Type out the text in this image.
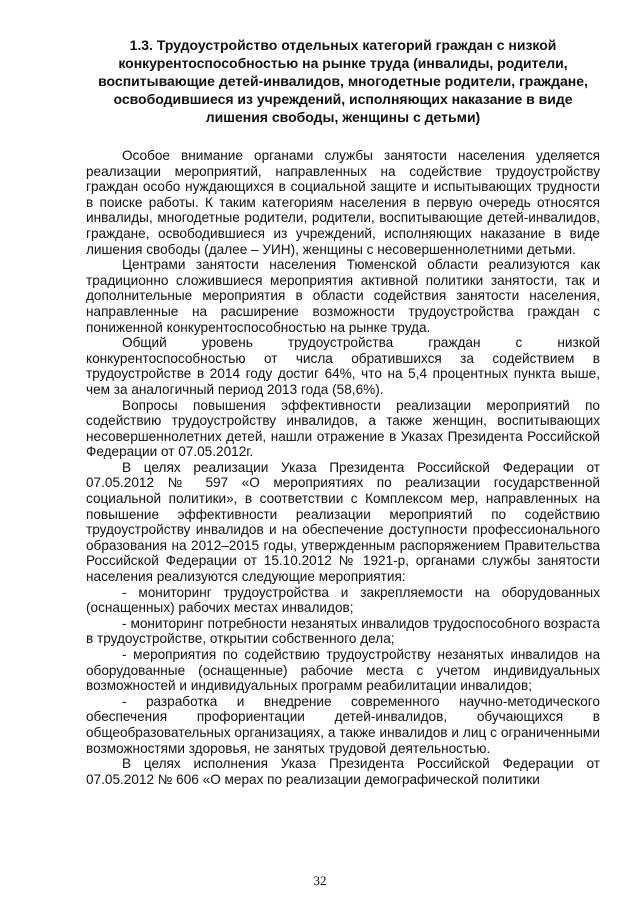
1.3. Трудоустройство отдельных категорий граждан с низкой конкурентоспособностью на рынке труда (инвалиды, родители, воспитывающие детей-инвалидов, многодетные родители, граждане, освободившиеся из учреждений, исполняющих наказание в виде лишения свободы, женщины с детьми)

Особое внимание органами службы занятости населения уделяется реализации мероприятий, направленных на содействие трудоустройству граждан особо нуждающихся в социальной защите и испытывающих трудности в поиске работы. К таким категориям населения в первую очередь относятся инвалиды, многодетные родители, родители, воспитывающие детей-инвалидов, граждане, освободившиеся из учреждений, исполняющих наказание в виде лишения свободы (далее – УИН), женщины с несовершеннолетними детьми.

Центрами занятости населения Тюменской области реализуются как традиционно сложившиеся мероприятия активной политики занятости, так и дополнительные мероприятия в области содействия занятости населения, направленные на расширение возможности трудоустройства граждан с пониженной конкурентоспособностью на рынке труда.

Общий уровень трудоустройства граждан с низкой конкурентоспособностью от числа обратившихся за содействием в трудоустройстве в 2014 году достиг 64%, что на 5,4 процентных пункта выше, чем за аналогичный период 2013 года (58,6%).

Вопросы повышения эффективности реализации мероприятий по содействию трудоустройству инвалидов, а также женщин, воспитывающих несовершеннолетних детей, нашли отражение в Указах Президента Российской Федерации от 07.05.2012г.

В целях реализации Указа Президента Российской Федерации от 07.05.2012 № 597 «О мероприятиях по реализации государственной социальной политики», в соответствии с Комплексом мер, направленных на повышение эффективности реализации мероприятий по содействию трудоустройству инвалидов и на обеспечение доступности профессионального образования на 2012–2015 годы, утвержденным распоряжением Правительства Российской Федерации от 15.10.2012 № 1921-р, органами службы занятости населения реализуются следующие мероприятия:

- мониторинг трудоустройства и закрепляемости на оборудованных (оснащенных) рабочих местах инвалидов;

- мониторинг потребности незанятых инвалидов трудоспособного возраста в трудоустройстве, открытии собственного дела;

- мероприятия по содействию трудоустройству незанятых инвалидов на оборудованные (оснащенные) рабочие места с учетом индивидуальных возможностей и индивидуальных программ реабилитации инвалидов;

- разработка и внедрение современного научно-методического обеспечения профориентации детей-инвалидов, обучающихся в общеобразовательных организациях, а также инвалидов и лиц с ограниченными возможностями здоровья, не занятых трудовой деятельностью.

В целях исполнения Указа Президента Российской Федерации от 07.05.2012 № 606 «О мерах по реализации демографической политики

32
